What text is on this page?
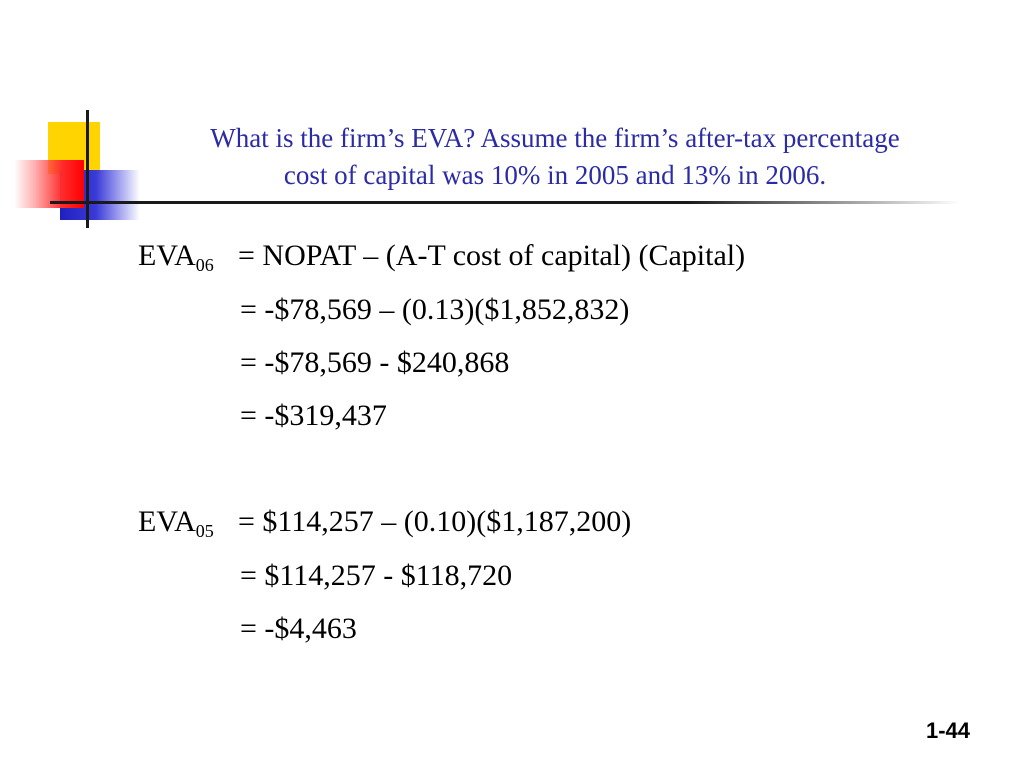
What is the firm’s EVA? Assume the firm’s after-tax percentage
cost of capital was 10% in 2005 and 13% in 2006.
$EVA_{06}$ = NOPAT – (A-T cost of capital) (Capital)
= -$78,569 – (0.13)($1,852,832)
= -$78,569 - $240,868
= -$319,437
$EVA_{05}$ = $114,257 – (0.10)($1,187,200)
= $114,257 - $118,720
= -$4,463
1-44
